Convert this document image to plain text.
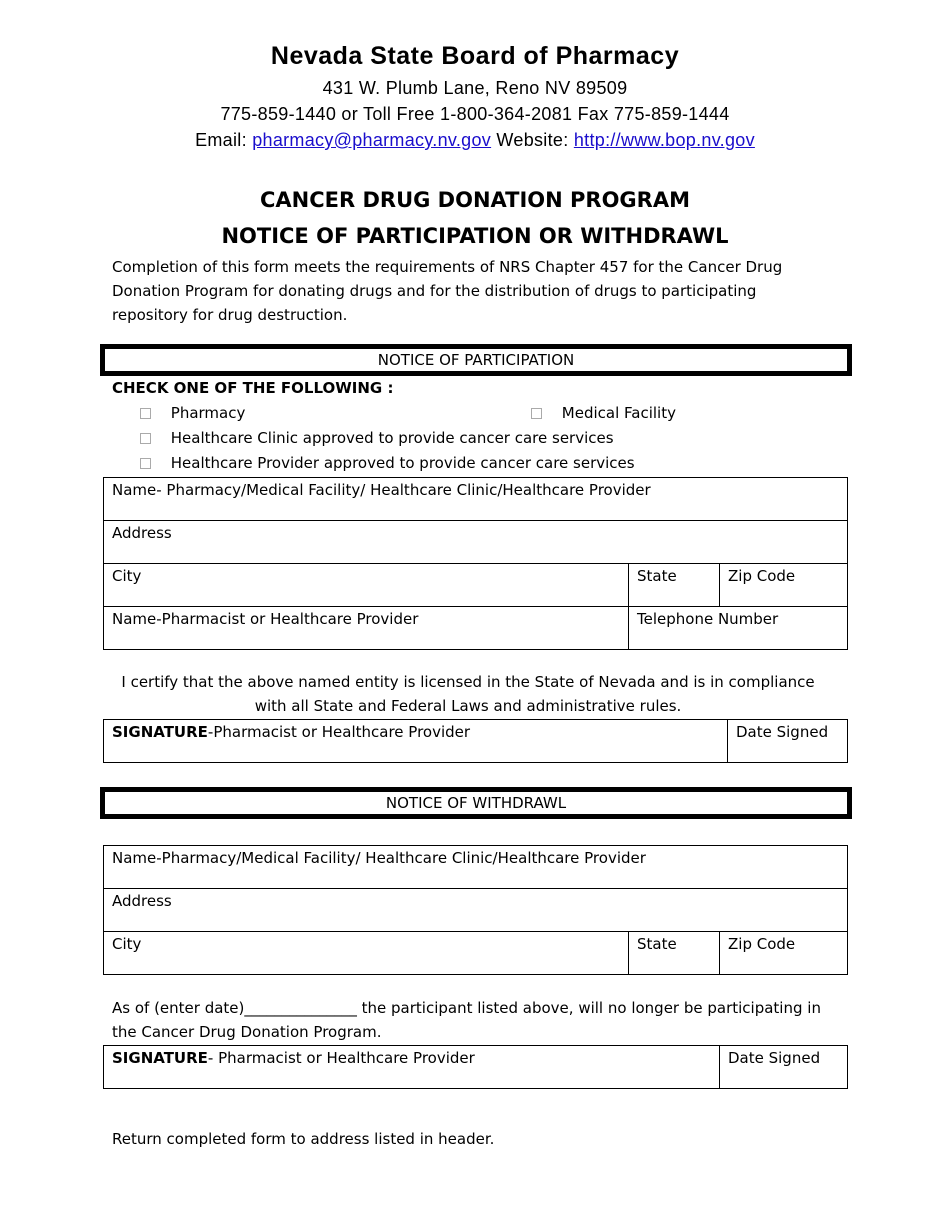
Nevada State Board of Pharmacy
431 W. Plumb Lane, Reno NV 89509
775-859-1440 or Toll Free 1-800-364-2081 Fax 775-859-1444
Email: pharmacy@pharmacy.nv.gov Website: http://www.bop.nv.gov
CANCER DRUG DONATION PROGRAM
NOTICE OF PARTICIPATION OR WITHDRAWL
Completion of this form meets the requirements of NRS Chapter 457 for the Cancer Drug Donation Program for donating drugs and for the distribution of drugs to participating repository for drug destruction.
NOTICE OF PARTICIPATION
CHECK ONE OF THE FOLLOWING :
Pharmacy	Medical Facility
Healthcare Clinic approved to provide cancer care services
Healthcare Provider approved to provide cancer care services
Name- Pharmacy/Medical Facility/ Healthcare Clinic/Healthcare Provider		
Address		
City	State	Zip Code
Name-Pharmacist or Healthcare Provider	Telephone Number	
I certify that the above named entity is licensed in the State of Nevada and is in compliance with all State and Federal Laws and administrative rules.
SIGNATURE-Pharmacist or Healthcare Provider	Date Signed
NOTICE OF WITHDRAWL
Name-Pharmacy/Medical Facility/ Healthcare Clinic/Healthcare Provider
Address
City	State	Zip Code
As of (enter date)_______________ the participant listed above, will no longer be participating in the Cancer Drug Donation Program.
SIGNATURE- Pharmacist or Healthcare Provider	Date Signed
Return completed form to address listed in header.
